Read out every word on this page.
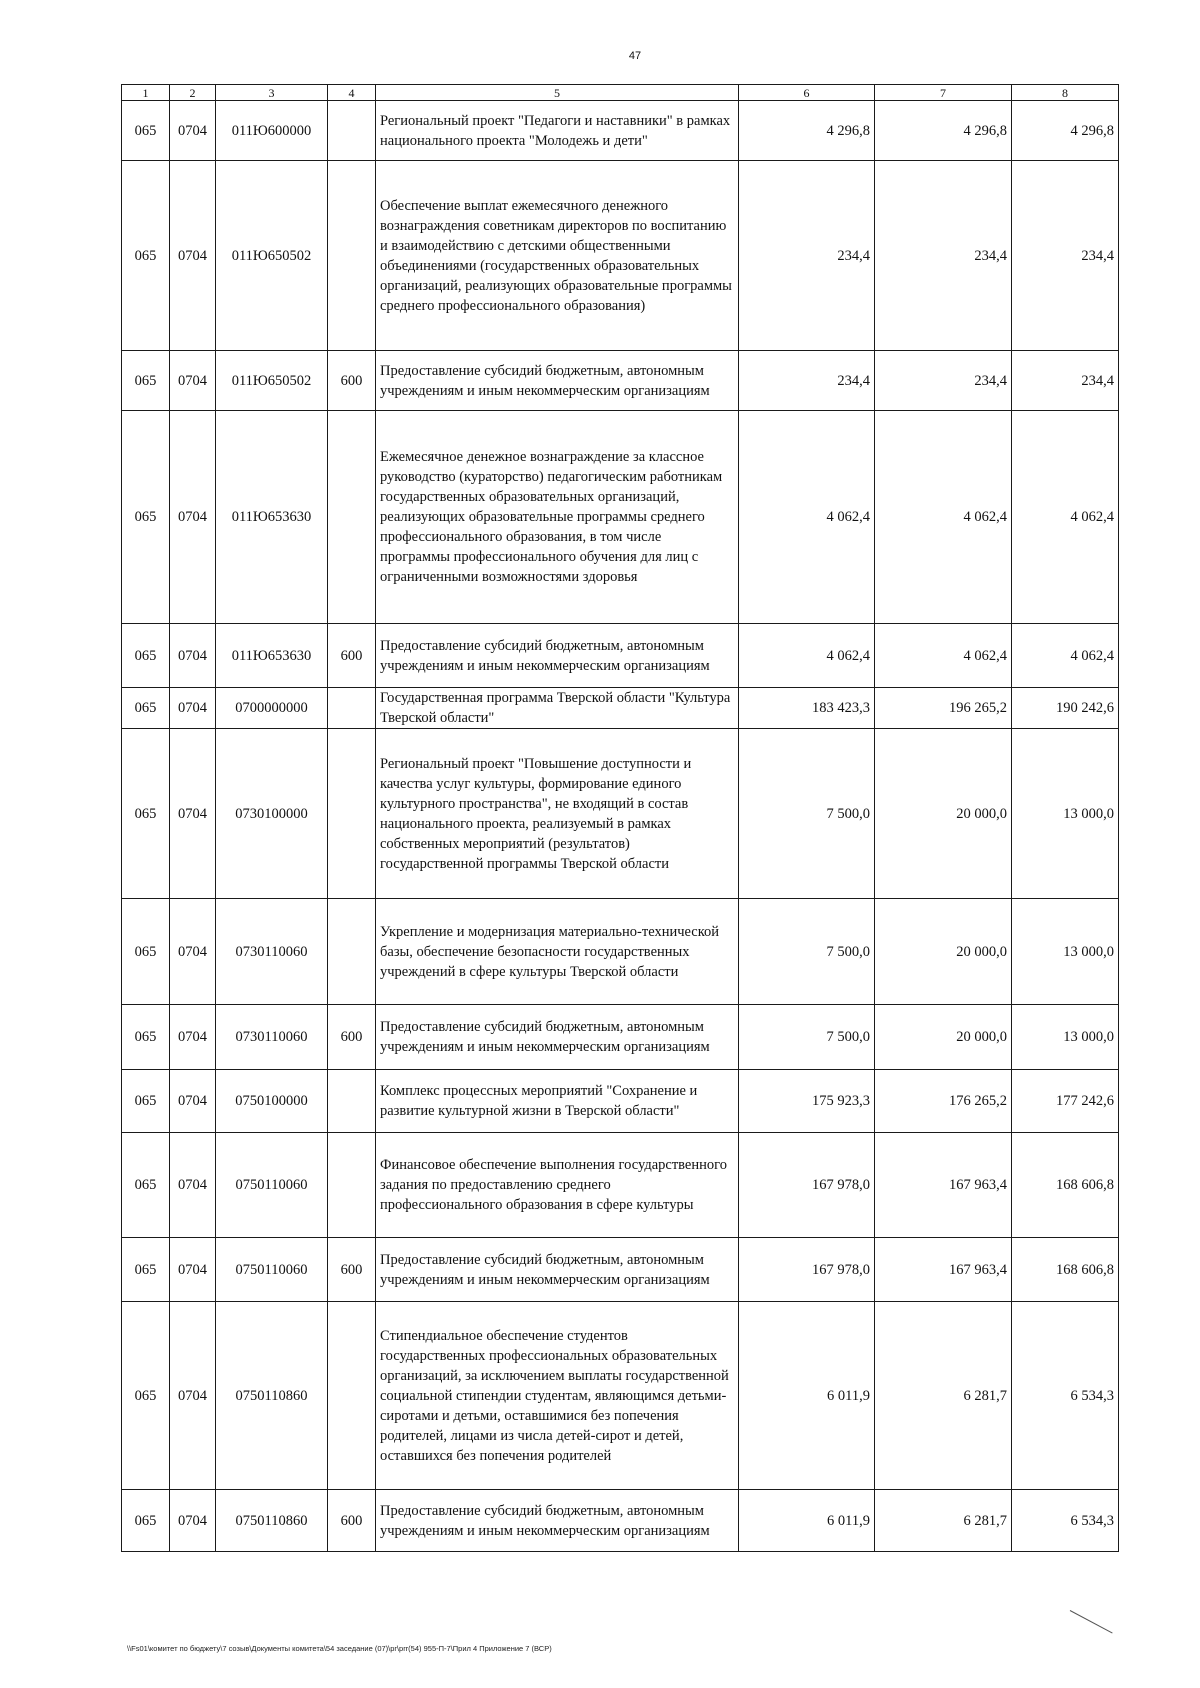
47
1	2	3	4	5	6	7	8
065	0704	011Ю600000		Региональный проект "Педагоги и наставники" в рамках национального проекта "Молодежь и дети"	4 296,8	4 296,8	4 296,8
065	0704	011Ю650502		Обеспечение выплат ежемесячного денежного вознаграждения советникам директоров по воспитанию и взаимодействию с детскими общественными объединениями (государственных образовательных организаций, реализующих образовательные программы среднего профессионального образования)	234,4	234,4	234,4
065	0704	011Ю650502	600	Предоставление субсидий бюджетным, автономным учреждениям и иным некоммерческим организациям	234,4	234,4	234,4
065	0704	011Ю653630		Ежемесячное денежное вознаграждение за классное руководство (кураторство) педагогическим работникам государственных образовательных организаций, реализующих образовательные программы среднего профессионального образования, в том числе программы профессионального обучения для лиц с ограниченными возможностями здоровья	4 062,4	4 062,4	4 062,4
065	0704	011Ю653630	600	Предоставление субсидий бюджетным, автономным учреждениям и иным некоммерческим организациям	4 062,4	4 062,4	4 062,4
065	0704	0700000000		Государственная программа Тверской области "Культура Тверской области"	183 423,3	196 265,2	190 242,6
065	0704	0730100000		Региональный проект "Повышение доступности и качества услуг культуры, формирование единого культурного пространства", не входящий в состав национального проекта, реализуемый в рамках собственных мероприятий (результатов) государственной программы Тверской области	7 500,0	20 000,0	13 000,0
065	0704	0730110060		Укрепление и модернизация материально-технической базы, обеспечение безопасности государственных учреждений в сфере культуры Тверской области	7 500,0	20 000,0	13 000,0
065	0704	0730110060	600	Предоставление субсидий бюджетным, автономным учреждениям и иным некоммерческим организациям	7 500,0	20 000,0	13 000,0
065	0704	0750100000		Комплекс процессных мероприятий "Сохранение и развитие культурной жизни в Тверской области"	175 923,3	176 265,2	177 242,6
065	0704	0750110060		Финансовое обеспечение выполнения государственного задания по предоставлению среднего профессионального образования в сфере культуры	167 978,0	167 963,4	168 606,8
065	0704	0750110060	600	Предоставление субсидий бюджетным, автономным учреждениям и иным некоммерческим организациям	167 978,0	167 963,4	168 606,8
065	0704	0750110860		Стипендиальное обеспечение студентов государственных профессиональных образовательных организаций, за исключением выплаты государственной социальной стипендии студентам, являющимся детьми-сиротами и детьми, оставшимися без попечения родителей, лицами из числа детей-сирот и детей, оставшихся без попечения родителей	6 011,9	6 281,7	6 534,3
065	0704	0750110860	600	Предоставление субсидий бюджетным, автономным учреждениям и иным некоммерческим организациям	6 011,9	6 281,7	6 534,3
\\Fs01\комитет по бюджету\7 созыв\Документы комитета\54 заседание (07)\pr\prr(54) 955-П-7\Прил 4 Приложение 7 (ВСР)
